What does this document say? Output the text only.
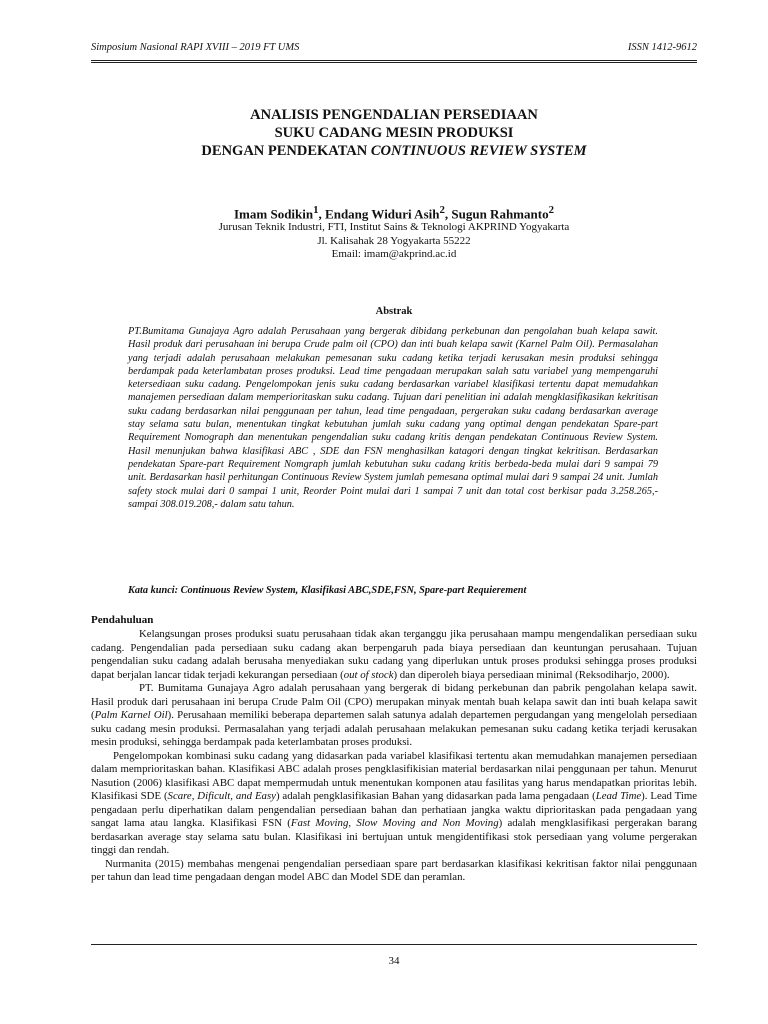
Simposium Nasional RAPI XVIII – 2019 FT UMS	ISSN 1412-9612
ANALISIS PENGENDALIAN PERSEDIAAN
SUKU CADANG MESIN PRODUKSI
DENGAN PENDEKATAN CONTINUOUS REVIEW SYSTEM
Imam Sodikin$^1$, Endang Widuri Asih$^2$, Sugun Rahmanto$^2$
Jurusan Teknik Industri, FTI, Institut Sains & Teknologi AKPRIND Yogyakarta
Jl. Kalisahak 28 Yogyakarta 55222
Email: imam@akprind.ac.id
Abstrak
PT.Bumitama Gunajaya Agro adalah Perusahaan yang bergerak dibidang perkebunan dan pengolahan buah kelapa sawit. Hasil produk dari perusahaan ini berupa Crude palm oil (CPO) dan inti buah kelapa sawit (Karnel Palm Oil). Permasalahan yang terjadi adalah perusahaan melakukan pemesanan suku cadang ketika terjadi kerusakan mesin produksi sehingga berdampak pada keterlambatan proses produksi. Lead time pengadaan merupakan salah satu variabel yang mempengaruhi ketersediaan suku cadang. Pengelompokan jenis suku cadang berdasarkan variabel klasifikasi tertentu dapat memudahkan manajemen persediaan dalam memperioritaskan suku cadang. Tujuan dari penelitian ini adalah mengklasifikasikan kekritisan suku cadang berdasarkan nilai penggunaan per tahun, lead time pengadaan, pergerakan suku cadang berdasarkan average stay selama satu bulan, menentukan tingkat kebutuhan jumlah suku cadang yang optimal dengan pendekatan Spare-part Requirement Nomograph dan menentukan pengendalian suku cadang kritis dengan pendekatan Continuous Review System. Hasil menunjukan bahwa klasifikasi ABC , SDE dan FSN menghasilkan katagori dengan tingkat kekritisan. Berdasarkan pendekatan Spare-part Requirement Nomgraph jumlah kebutuhan suku cadang kritis berbeda-beda mulai dari 9 sampai 79 unit. Berdasarkan hasil perhitungan Continuous Review System jumlah pemesana optimal mulai dari 9 sampai 24 unit. Jumlah safety stock mulai dari 0 sampai 1 unit, Reorder Point mulai dari 1 sampai 7 unit dan total cost berkisar pada 3.258.265,- sampai 308.019.208,- dalam satu tahun.
Kata kunci: Continuous Review System, Klasifikasi ABC,SDE,FSN, Spare-part Requierement
Pendahuluan

Kelangsungan proses produksi suatu perusahaan tidak akan terganggu jika perusahaan mampu mengendalikan persediaan suku cadang. Pengendalian pada persediaan suku cadang akan berpengaruh pada biaya persediaan dan keuntungan perusahaan. Tujuan pengendalian suku cadang adalah berusaha menyediakan suku cadang yang diperlukan untuk proses produksi sehingga proses produksi dapat berjalan lancar tidak terjadi kekurangan persediaan (out of stock) dan diperoleh biaya persediaan minimal (Reksodiharjo, 2000).

PT. Bumitama Gunajaya Agro adalah perusahaan yang bergerak di bidang perkebunan dan pabrik pengolahan kelapa sawit. Hasil produk dari perusahaan ini berupa Crude Palm Oil (CPO) merupakan minyak mentah buah kelapa sawit dan inti buah kelapa sawit (Palm Karnel Oil). Perusahaan memiliki beberapa departemen salah satunya adalah departemen pergudangan yang mengelolah persediaan suku cadang mesin produksi. Permasalahan yang terjadi adalah perusahaan melakukan pemesanan suku cadang ketika terjadi kerusakan mesin produksi, sehingga berdampak pada keterlambatan proses produksi.

Pengelompokan kombinasi suku cadang yang didasarkan pada variabel klasifikasi tertentu akan memudahkan manajemen persediaan dalam memprioritaskan bahan. Klasifikasi ABC adalah proses pengklasifikisian material berdasarkan nilai penggunaan per tahun. Menurut Nasution (2006) klasifikasi ABC dapat mempermudah untuk menentukan komponen atau fasilitas yang harus mendapatkan prioritas lebih. Klasifikasi SDE (Scare, Dificult, and Easy) adalah pengklasifikasian Bahan yang didasarkan pada lama pengadaan (Lead Time). Lead Time pengadaan perlu diperhatikan dalam pengendalian persediaan bahan dan perhatiaan jangka waktu diprioritaskan pada pengadaan yang sangat lama atau langka. Klasifikasi FSN (Fast Moving, Slow Moving and Non Moving) adalah mengklasifikasi pergerakan barang berdasarkan average stay selama satu bulan. Klasifikasi ini bertujuan untuk mengidentifikasi stok persediaan yang volume pergerakan tinggi dan rendah.

Nurmanita (2015) membahas mengenai pengendalian persediaan spare part berdasarkan klasifikasi kekritisan faktor nilai penggunaan per tahun dan lead time pengadaan dengan model ABC dan Model SDE dan peramlan.

34
